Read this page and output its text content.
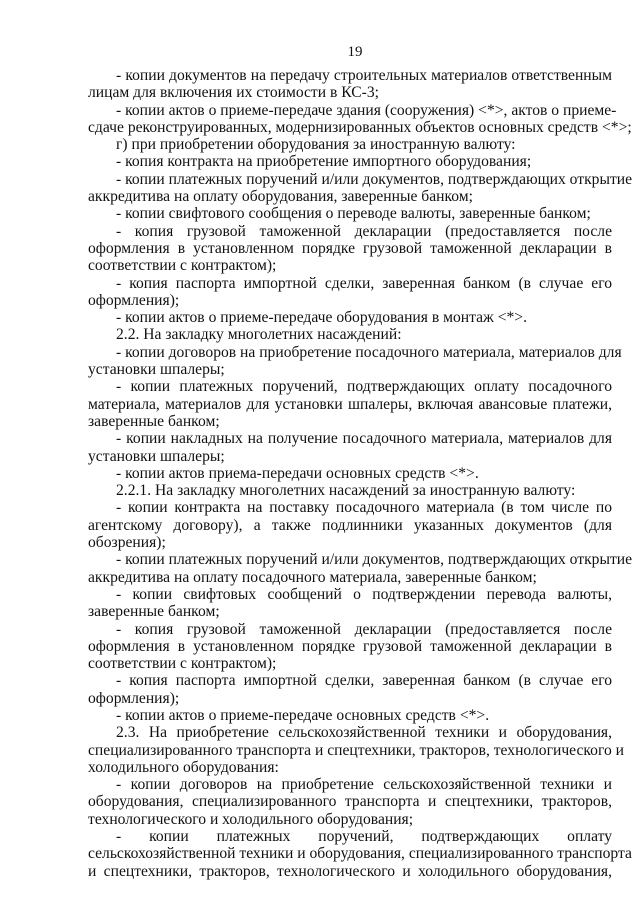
19
- копии документов на передачу строительных материалов ответственным
лицам для включения их стоимости в КС-3;
- копии актов о приеме-передаче здания (сооружения) <*>, актов о приеме-
сдаче реконструированных, модернизированных объектов основных средств <*>;
г) при приобретении оборудования за иностранную валюту:
- копия контракта на приобретение импортного оборудования;
- копии платежных поручений и/или документов, подтверждающих открытие
аккредитива на оплату оборудования, заверенные банком;
- копии свифтового сообщения о переводе валюты, заверенные банком;
- копия грузовой таможенной декларации (предоставляется после
оформления в установленном порядке грузовой таможенной декларации в
соответствии с контрактом);
- копия паспорта импортной сделки, заверенная банком (в случае его
оформления);
- копии актов о приеме-передаче оборудования в монтаж <*>.
2.2. На закладку многолетних насаждений:
- копии договоров на приобретение посадочного материала, материалов для
установки шпалеры;
- копии платежных поручений, подтверждающих оплату посадочного
материала, материалов для установки шпалеры, включая авансовые платежи,
заверенные банком;
- копии накладных на получение посадочного материала, материалов для
установки шпалеры;
- копии актов приема-передачи основных средств <*>.
2.2.1. На закладку многолетних насаждений за иностранную валюту:
- копии контракта на поставку посадочного материала (в том числе по
агентскому договору), а также подлинники указанных документов (для
обозрения);
- копии платежных поручений и/или документов, подтверждающих открытие
аккредитива на оплату посадочного материала, заверенные банком;
- копии свифтовых сообщений о подтверждении перевода валюты,
заверенные банком;
- копия грузовой таможенной декларации (предоставляется после
оформления в установленном порядке грузовой таможенной декларации в
соответствии с контрактом);
- копия паспорта импортной сделки, заверенная банком (в случае его
оформления);
- копии актов о приеме-передаче основных средств <*>.
2.3. На приобретение сельскохозяйственной техники и оборудования,
специализированного транспорта и спецтехники, тракторов, технологического и
холодильного оборудования:
- копии договоров на приобретение сельскохозяйственной техники и
оборудования, специализированного транспорта и спецтехники, тракторов,
технологического и холодильного оборудования;
- копии платежных поручений, подтверждающих оплату
сельскохозяйственной техники и оборудования, специализированного транспорта
и спецтехники, тракторов, технологического и холодильного оборудования,
